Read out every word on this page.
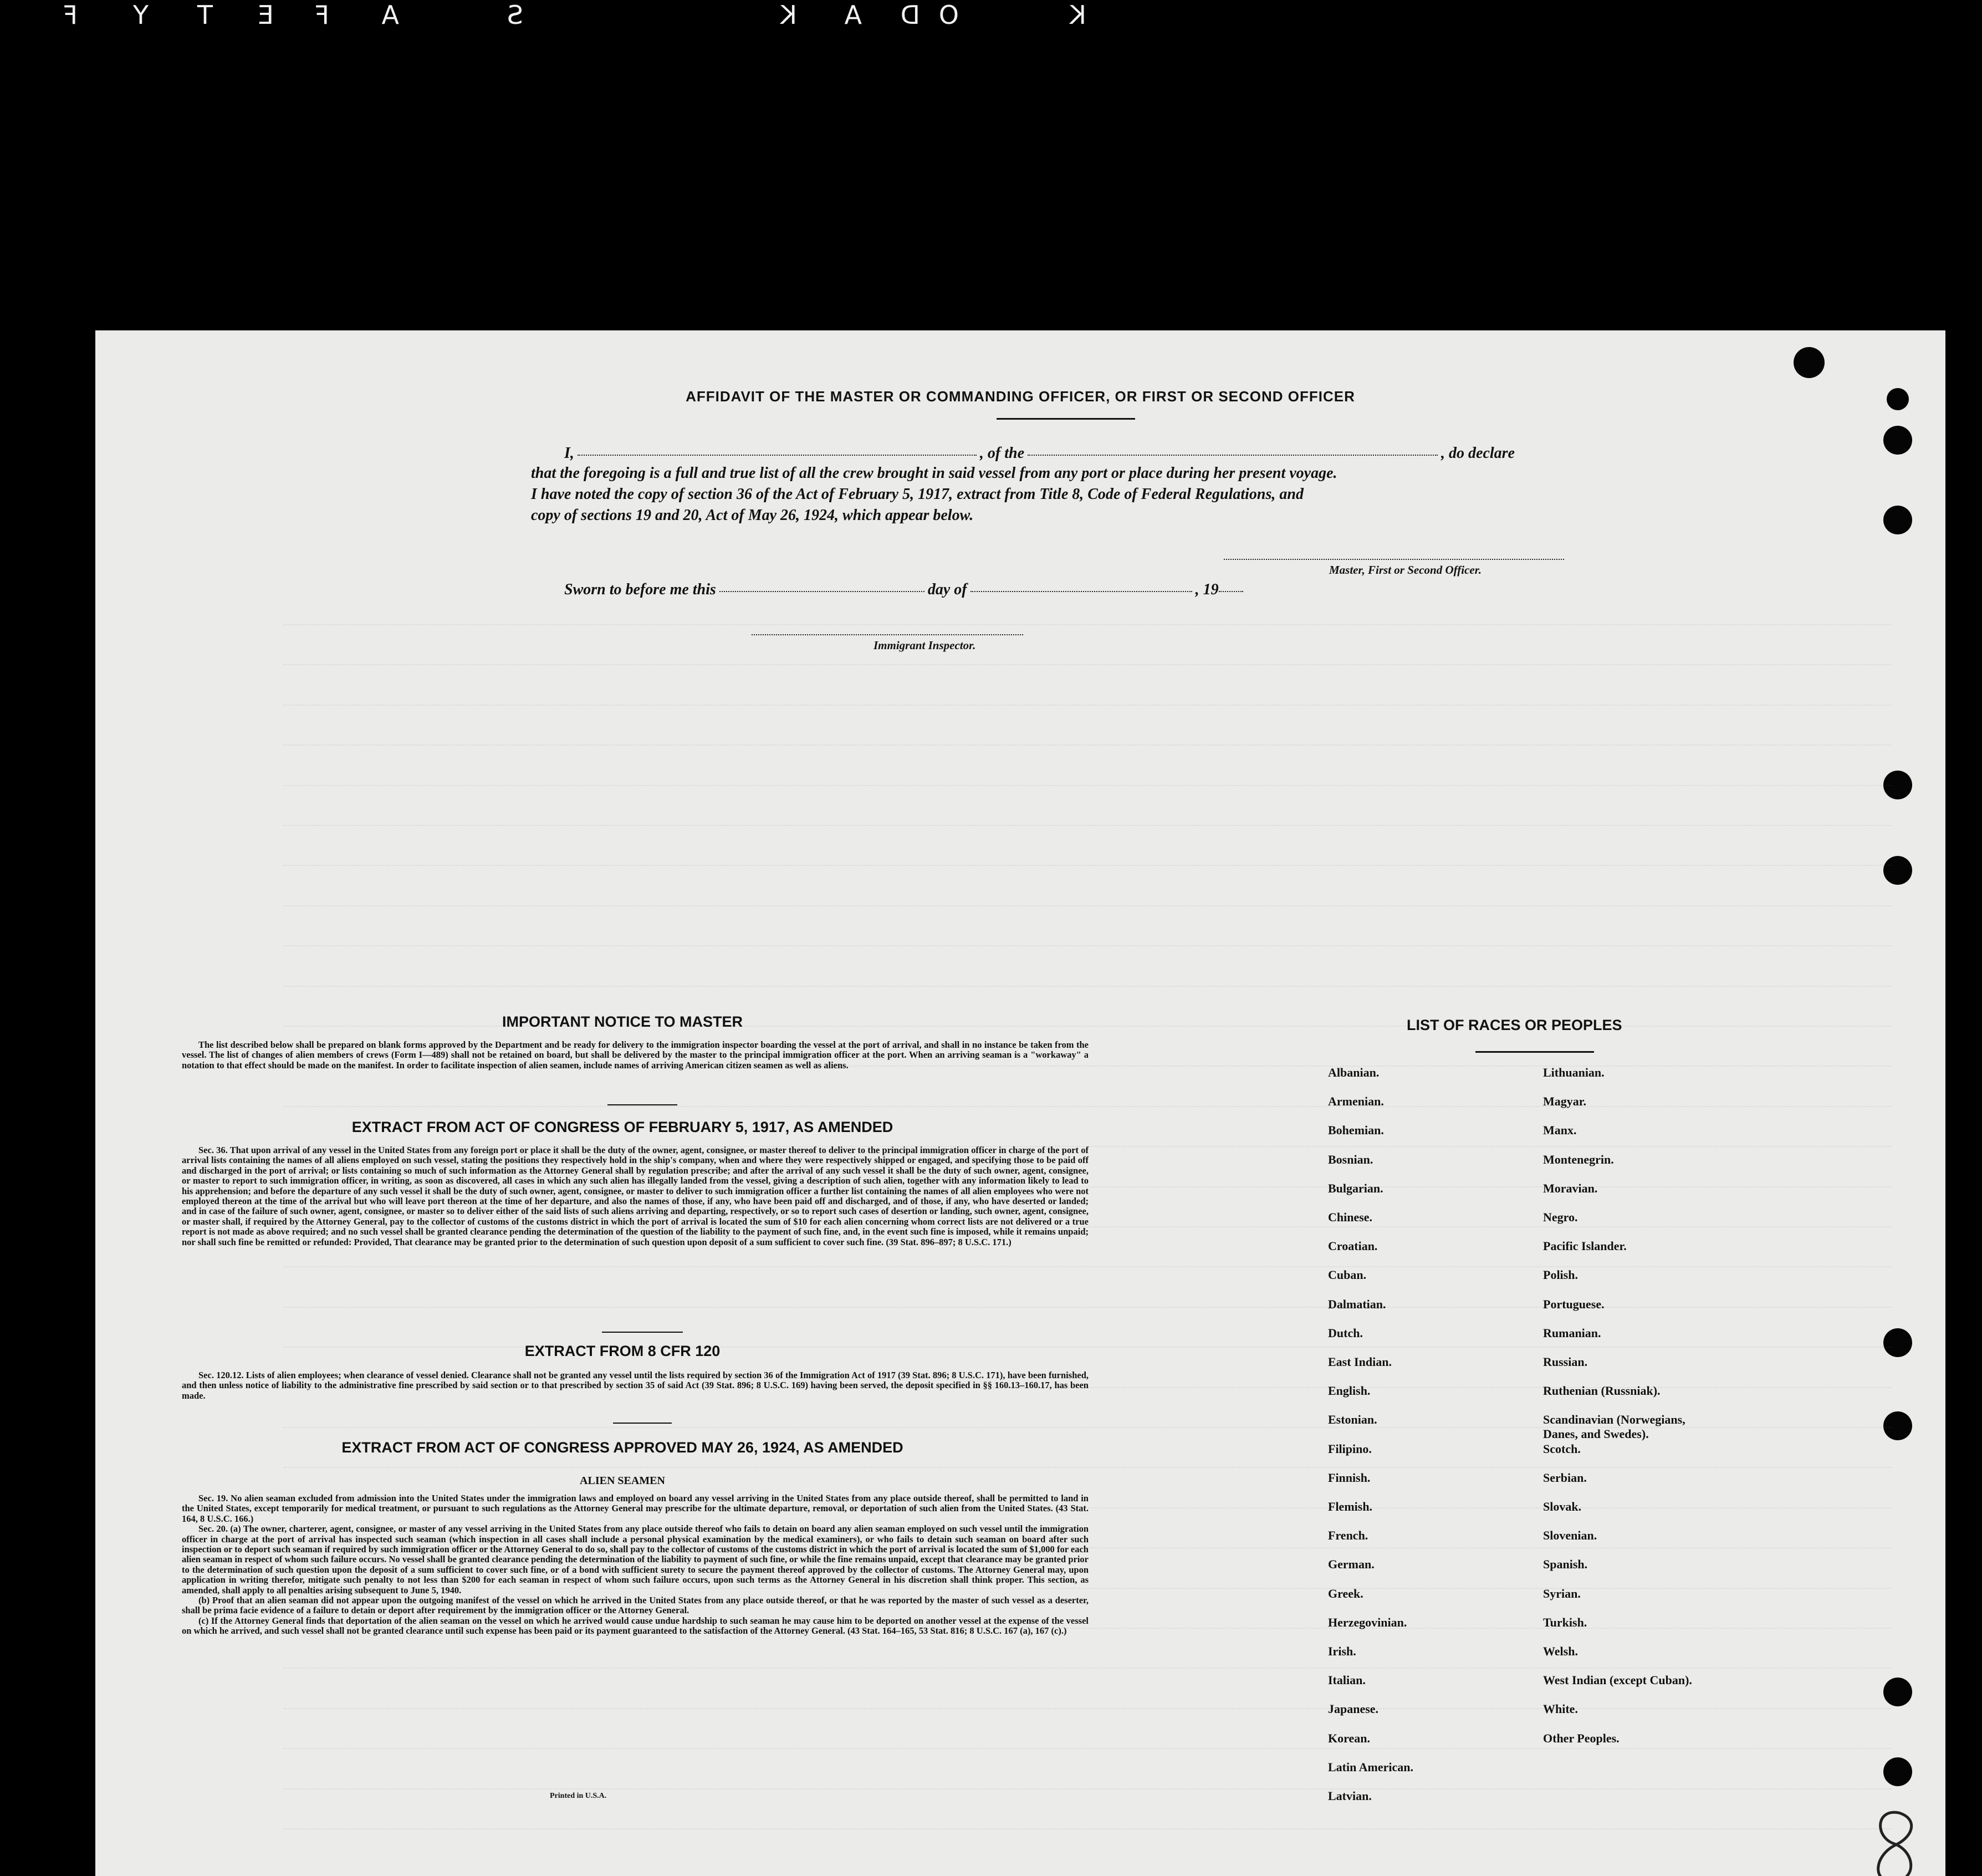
K
O
D
A
K
S
A
F
E
T
Y
F
AFFIDAVIT OF THE MASTER OR COMMANDING OFFICER, OR FIRST OR SECOND OFFICER
I,	, of the	, do declare
that the foregoing is a full and true list of all the crew brought in said vessel from any port or place during her present voyage.
I have noted the copy of section 36 of the Act of February 5, 1917, extract from Title 8, Code of Federal Regulations, and
copy of sections 19 and 20, Act of May 26, 1924, which appear below.
Master, First or Second Officer.
Sworn to before me this	day of	, 19
Immigrant Inspector.
IMPORTANT NOTICE TO MASTER

The list described below shall be prepared on blank forms approved by the Department and be ready for delivery to the immigration inspector boarding the vessel at the port of arrival, and shall in no instance be taken from the vessel. The list of changes of alien members of crews (Form I—489) shall not be retained on board, but shall be delivered by the master to the principal immigration officer at the port. When an arriving seaman is a "workaway" a notation to that effect should be made on the manifest. In order to facilitate inspection of alien seamen, include names of arriving American citizen seamen as well as aliens.

EXTRACT FROM ACT OF CONGRESS OF FEBRUARY 5, 1917, AS AMENDED

Sec. 36. That upon arrival of any vessel in the United States from any foreign port or place it shall be the duty of the owner, agent, consignee, or master thereof to deliver to the principal immigration officer in charge of the port of arrival lists containing the names of all aliens employed on such vessel, stating the positions they respectively hold in the ship's company, when and where they were respectively shipped or engaged, and specifying those to be paid off and discharged in the port of arrival; or lists containing so much of such information as the Attorney General shall by regulation prescribe; and after the arrival of any such vessel it shall be the duty of such owner, agent, consignee, or master to report to such immigration officer, in writing, as soon as discovered, all cases in which any such alien has illegally landed from the vessel, giving a description of such alien, together with any information likely to lead to his apprehension; and before the departure of any such vessel it shall be the duty of such owner, agent, consignee, or master to deliver to such immigration officer a further list containing the names of all alien employees who were not employed thereon at the time of the arrival but who will leave port thereon at the time of her departure, and also the names of those, if any, who have been paid off and discharged, and of those, if any, who have deserted or landed; and in case of the failure of such owner, agent, consignee, or master so to deliver either of the said lists of such aliens arriving and departing, respectively, or so to report such cases of desertion or landing, such owner, agent, consignee, or master shall, if required by the Attorney General, pay to the collector of customs of the customs district in which the port of arrival is located the sum of $10 for each alien concerning whom correct lists are not delivered or a true report is not made as above required; and no such vessel shall be granted clearance pending the determination of the question of the liability to the payment of such fine, and, in the event such fine is imposed, while it remains unpaid; nor shall such fine be remitted or refunded: Provided, That clearance may be granted prior to the determination of such question upon deposit of a sum sufficient to cover such fine. (39 Stat. 896–897; 8 U.S.C. 171.)

EXTRACT FROM 8 CFR 120

Sec. 120.12. Lists of alien employees; when clearance of vessel denied. Clearance shall not be granted any vessel until the lists required by section 36 of the Immigration Act of 1917 (39 Stat. 896; 8 U.S.C. 171), have been furnished, and then unless notice of liability to the administrative fine prescribed by said section or to that prescribed by section 35 of said Act (39 Stat. 896; 8 U.S.C. 169) having been served, the deposit specified in §§ 160.13–160.17, has been made.

EXTRACT FROM ACT OF CONGRESS APPROVED MAY 26, 1924, AS AMENDED
ALIEN SEAMEN

Sec. 19. No alien seaman excluded from admission into the United States under the immigration laws and employed on board any vessel arriving in the United States from any place outside thereof, shall be permitted to land in the United States, except temporarily for medical treatment, or pursuant to such regulations as the Attorney General may prescribe for the ultimate departure, removal, or deportation of such alien from the United States. (43 Stat. 164, 8 U.S.C. 166.)

Sec. 20. (a) The owner, charterer, agent, consignee, or master of any vessel arriving in the United States from any place outside thereof who fails to detain on board any alien seaman employed on such vessel until the immigration officer in charge at the port of arrival has inspected such seaman (which inspection in all cases shall include a personal physical examination by the medical examiners), or who fails to detain such seaman on board after such inspection or to deport such seaman if required by such immigration officer or the Attorney General to do so, shall pay to the collector of customs of the customs district in which the port of arrival is located the sum of $1,000 for each alien seaman in respect of whom such failure occurs. No vessel shall be granted clearance pending the determination of the liability to payment of such fine, or while the fine remains unpaid, except that clearance may be granted prior to the determination of such question upon the deposit of a sum sufficient to cover such fine, or of a bond with sufficient surety to secure the payment thereof approved by the collector of customs. The Attorney General may, upon application in writing therefor, mitigate such penalty to not less than $200 for each seaman in respect of whom such failure occurs, upon such terms as the Attorney General in his discretion shall think proper. This section, as amended, shall apply to all penalties arising subsequent to June 5, 1940.

(b) Proof that an alien seaman did not appear upon the outgoing manifest of the vessel on which he arrived in the United States from any place outside thereof, or that he was reported by the master of such vessel as a deserter, shall be prima facie evidence of a failure to detain or deport after requirement by the immigration officer or the Attorney General.

(c) If the Attorney General finds that deportation of the alien seaman on the vessel on which he arrived would cause undue hardship to such seaman he may cause him to be deported on another vessel at the expense of the vessel on which he arrived, and such vessel shall not be granted clearance until such expense has been paid or its payment guaranteed to the satisfaction of the Attorney General. (43 Stat. 164–165, 53 Stat. 816; 8 U.S.C. 167 (a), 167 (c).)

LIST OF RACES OR PEOPLES
Albanian.
Armenian.
Bohemian.
Bosnian.
Bulgarian.
Chinese.
Croatian.
Cuban.
Dalmatian.
Dutch.
East Indian.
English.
Estonian.
Filipino.
Finnish.
Flemish.
French.
German.
Greek.
Herzegovinian.
Irish.
Italian.
Japanese.
Korean.
Latin American.
Latvian.
Lithuanian.
Magyar.
Manx.
Montenegrin.
Moravian.
Negro.
Pacific Islander.
Polish.
Portuguese.
Rumanian.
Russian.
Ruthenian (Russniak).
Scandinavian (Norwegians,
Danes, and Swedes).
Scotch.
Serbian.
Slovak.
Slovenian.
Spanish.
Syrian.
Turkish.
Welsh.
West Indian (except Cuban).
White.
Other Peoples.
Printed in U.S.A.
